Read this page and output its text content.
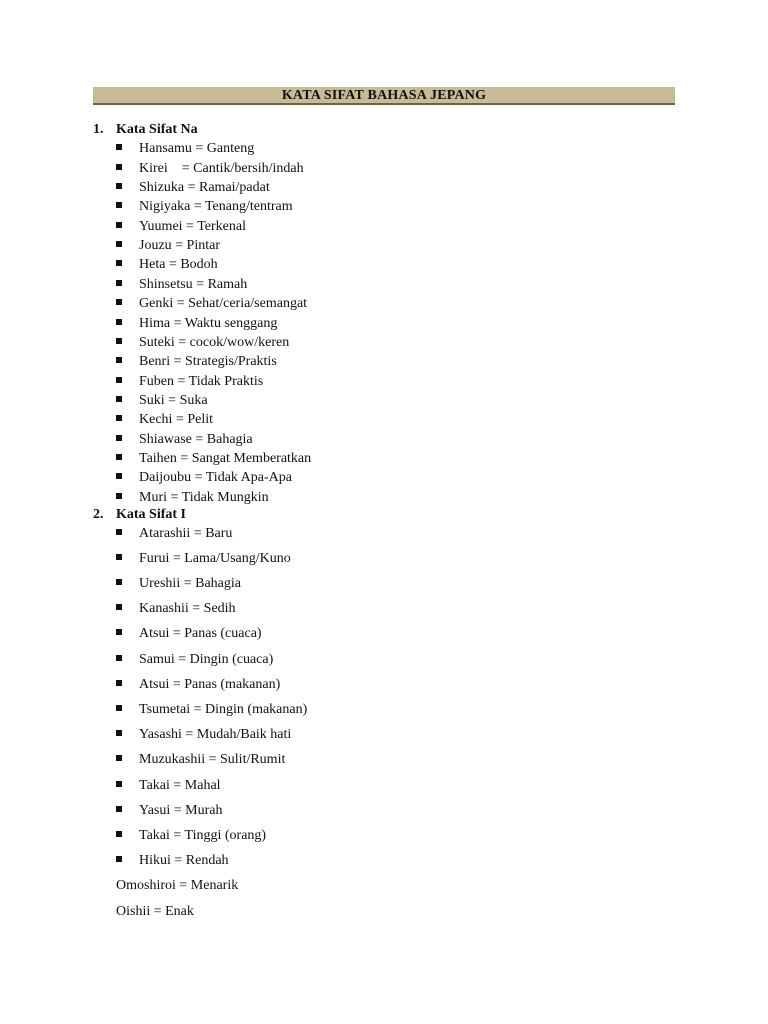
KATA SIFAT BAHASA JEPANG
1. Kata Sifat Na
Hansamu = Ganteng
Kirei    = Cantik/bersih/indah
Shizuka = Ramai/padat
Nigiyaka = Tenang/tentram
Yuumei = Terkenal
Jouzu = Pintar
Heta = Bodoh
Shinsetsu = Ramah
Genki = Sehat/ceria/semangat
Hima = Waktu senggang
Suteki = cocok/wow/keren
Benri = Strategis/Praktis
Fuben = Tidak Praktis
Suki = Suka
Kechi = Pelit
Shiawase = Bahagia
Taihen = Sangat Memberatkan
Daijoubu = Tidak Apa-Apa
Muri = Tidak Mungkin
2. Kata Sifat I
Atarashii = Baru
Furui = Lama/Usang/Kuno
Ureshii = Bahagia
Kanashii = Sedih
Atsui = Panas (cuaca)
Samui = Dingin (cuaca)
Atsui = Panas (makanan)
Tsumetai = Dingin (makanan)
Yasashi = Mudah/Baik hati
Muzukashii = Sulit/Rumit
Takai = Mahal
Yasui = Murah
Takai = Tinggi (orang)
Hikui = Rendah
Omoshiroi = Menarik
Oishii = Enak
